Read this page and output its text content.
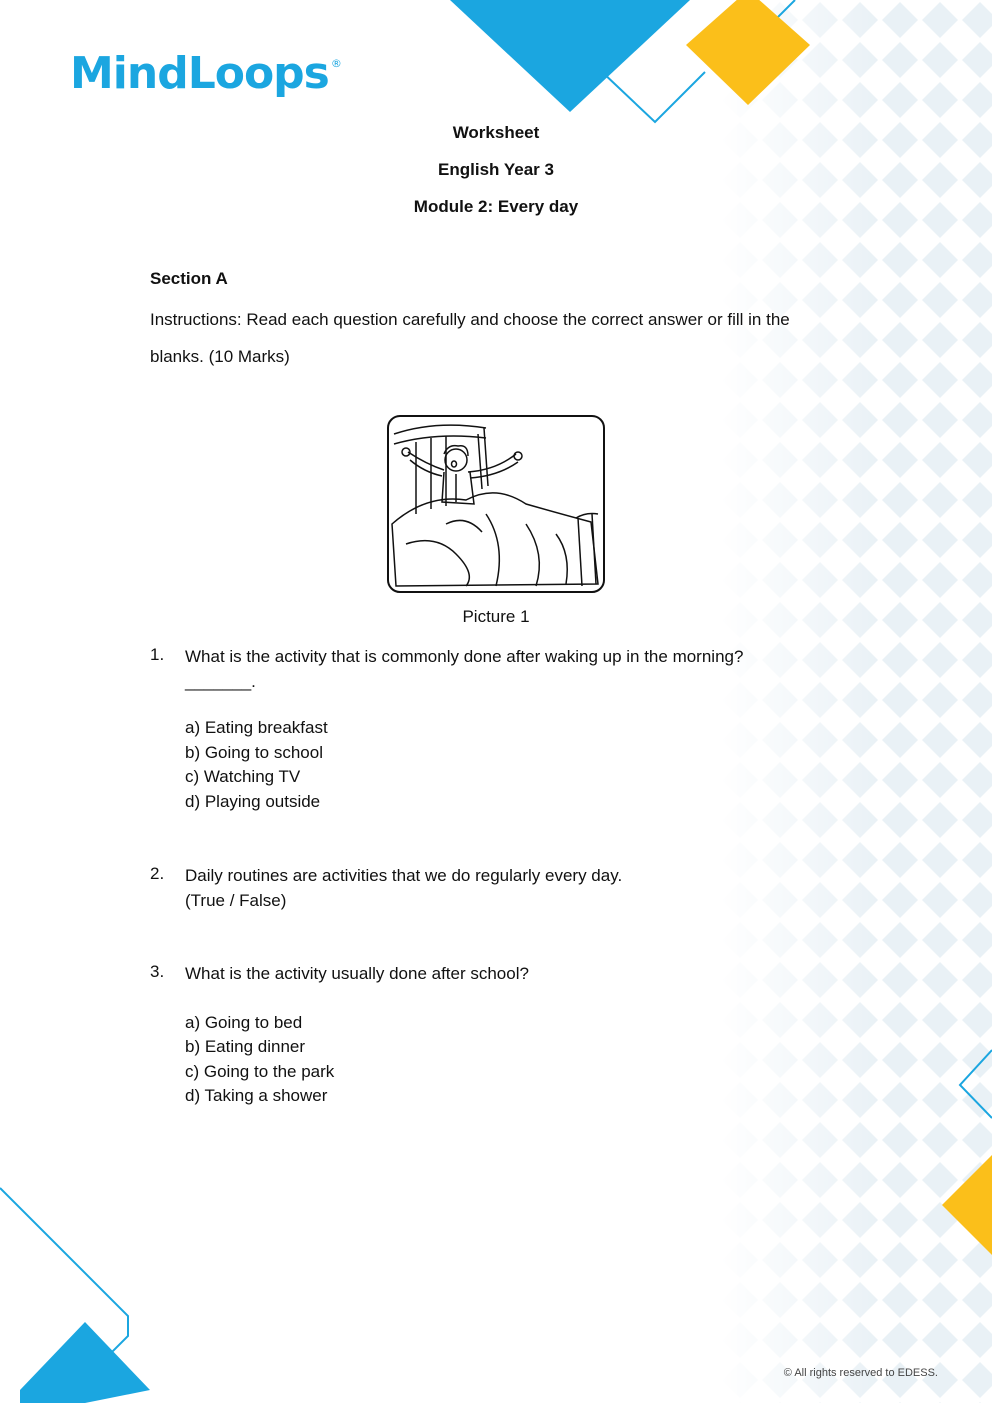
MindLoops ®
Worksheet
English Year 3
Module 2: Every day
Section A

Instructions: Read each question carefully and choose the correct answer or fill in the blanks. (10 Marks)

Picture 1
1. What is the activity that is commonly done after waking up in the morning?
_______.
a) Eating breakfast
b) Going to school
c) Watching TV
d) Playing outside
2. Daily routines are activities that we do regularly every day.
(True / False)
3. What is the activity usually done after school?
a) Going to bed
b) Eating dinner
c) Going to the park
d) Taking a shower
© All rights reserved to EDESS.
